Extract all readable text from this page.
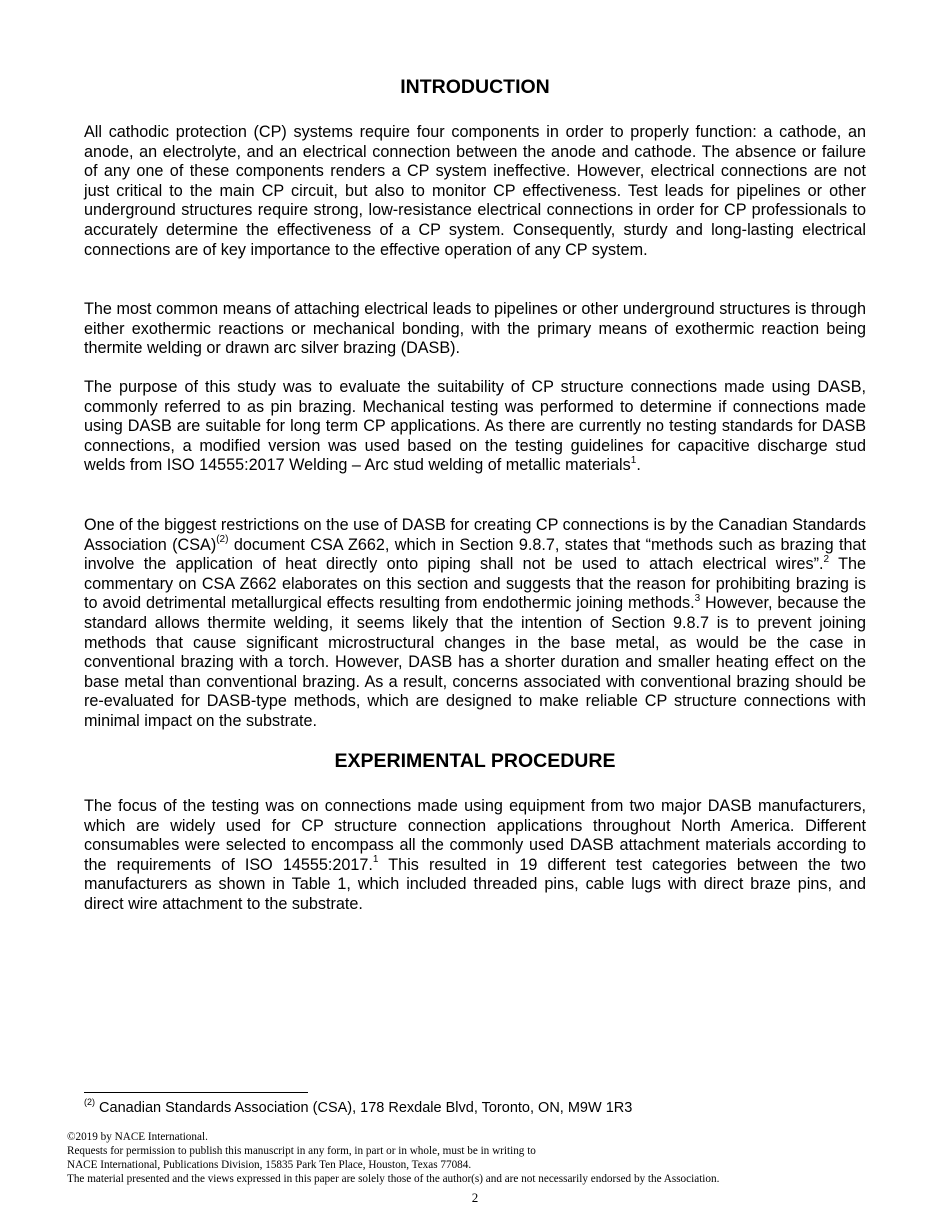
INTRODUCTION

All cathodic protection (CP) systems require four components in order to properly function: a cathode, an anode, an electrolyte, and an electrical connection between the anode and cathode. The absence or failure of any one of these components renders a CP system ineffective. However, electrical connections are not just critical to the main CP circuit, but also to monitor CP effectiveness. Test leads for pipelines or other underground structures require strong, low-resistance electrical connections in order for CP professionals to accurately determine the effectiveness of a CP system. Consequently, sturdy and long-lasting electrical connections are of key importance to the effective operation of any CP system.

The most common means of attaching electrical leads to pipelines or other underground structures is through either exothermic reactions or mechanical bonding, with the primary means of exothermic reaction being thermite welding or drawn arc silver brazing (DASB).

The purpose of this study was to evaluate the suitability of CP structure connections made using DASB, commonly referred to as pin brazing. Mechanical testing was performed to determine if connections made using DASB are suitable for long term CP applications. As there are currently no testing standards for DASB connections, a modified version was used based on the testing guidelines for capacitive discharge stud welds from ISO 14555:2017 Welding – Arc stud welding of metallic materials$^1$.

One of the biggest restrictions on the use of DASB for creating CP connections is by the Canadian Standards Association (CSA)$^{(2)}$ document CSA Z662, which in Section 9.8.7, states that “methods such as brazing that involve the application of heat directly onto piping shall not be used to attach electrical wires”.$^2$ The commentary on CSA Z662 elaborates on this section and suggests that the reason for prohibiting brazing is to avoid detrimental metallurgical effects resulting from endothermic joining methods.$^3$ However, because the standard allows thermite welding, it seems likely that the intention of Section 9.8.7 is to prevent joining methods that cause significant microstructural changes in the base metal, as would be the case in conventional brazing with a torch. However, DASB has a shorter duration and smaller heating effect on the base metal than conventional brazing. As a result, concerns associated with conventional brazing should be re-evaluated for DASB-type methods, which are designed to make reliable CP structure connections with minimal impact on the substrate.

EXPERIMENTAL PROCEDURE

The focus of the testing was on connections made using equipment from two major DASB manufacturers, which are widely used for CP structure connection applications throughout North America. Different consumables were selected to encompass all the commonly used DASB attachment materials according to the requirements of ISO 14555:2017.$^1$ This resulted in 19 different test categories between the two manufacturers as shown in Table 1, which included threaded pins, cable lugs with direct braze pins, and direct wire attachment to the substrate.

$^{(2)}$ Canadian Standards Association (CSA), 178 Rexdale Blvd, Toronto, ON, M9W 1R3
©2019 by NACE International.
Requests for permission to publish this manuscript in any form, in part or in whole, must be in writing to
NACE International, Publications Division, 15835 Park Ten Place, Houston, Texas 77084.
The material presented and the views expressed in this paper are solely those of the author(s) and are not necessarily endorsed by the Association.
2
